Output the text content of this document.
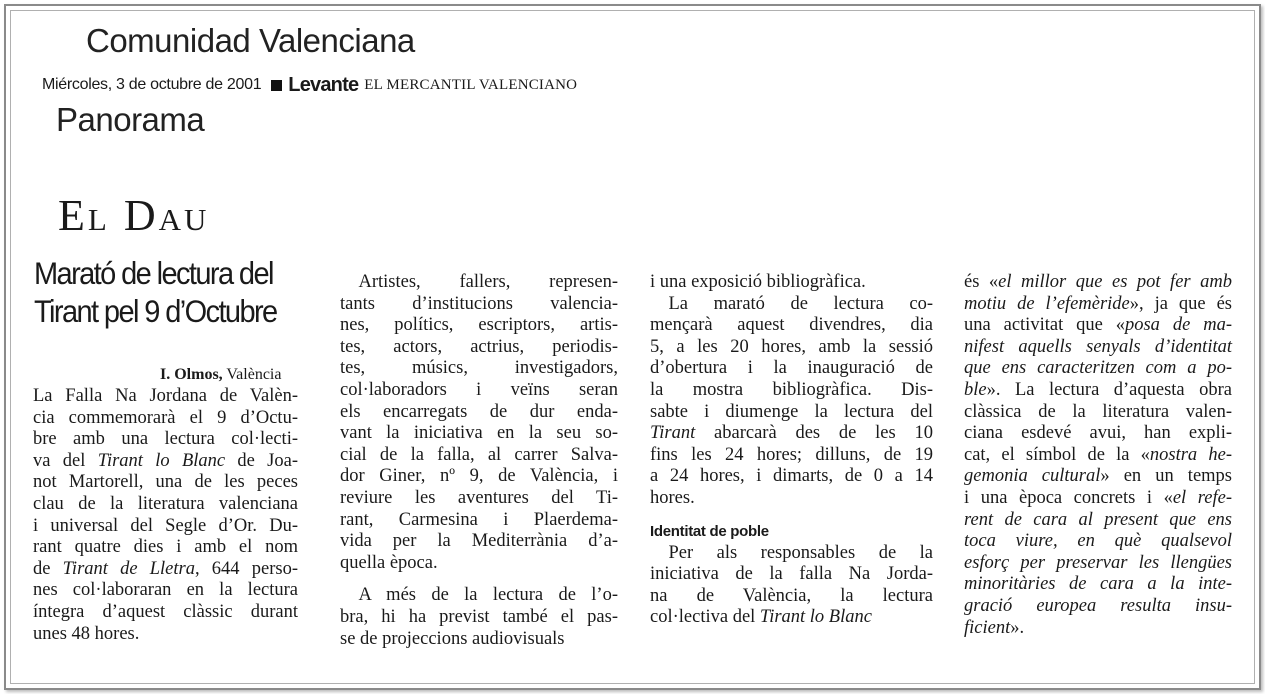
Comunidad Valenciana
Miércoles, 3 de octubre de 2001 Levante EL MERCANTIL VALENCIANO
Panorama
El Dau
Marató de lectura del
Tirant pel 9 d’Octubre
I. Olmos, València
La Falla Na Jordana de Valèn-
cia commemorarà el 9 d’Octu-
bre amb una lectura col·lecti-
va del Tirant lo Blanc de Joa-
not Martorell, una de les peces
clau de la literatura valenciana
i universal del Segle d’Or. Du-
rant quatre dies i amb el nom
de Tirant de Lletra, 644 perso-
nes col·laboraran en la lectura
íntegra d’aquest clàssic durant
unes 48 hores.
 Artistes, fallers, represen-
tants d’institucions valencia-
nes, polítics, escriptors, artis-
tes, actors, actrius, periodis-
tes, músics, investigadors,
col·laboradors i veïns seran
els encarregats de dur enda-
vant la iniciativa en la seu so-
cial de la falla, al carrer Salva-
dor Giner, nº 9, de València, i
reviure les aventures del Ti-
rant, Carmesina i Plaerdema-
vida per la Mediterrània d’a-
quella època.
 A més de la lectura de l’o-
bra, hi ha previst també el pas-
se de projeccions audiovisuals
i una exposició bibliogràfica.
 La marató de lectura co-
mençarà aquest divendres, dia
5, a les 20 hores, amb la sessió
d’obertura i la inauguració de
la mostra bibliogràfica. Dis-
sabte i diumenge la lectura del
Tirant abarcarà des de les 10
fins les 24 hores; dilluns, de 19
a 24 hores, i dimarts, de 0 a 14
hores.
Identitat de poble
 Per als responsables de la
iniciativa de la falla Na Jorda-
na de València, la lectura
col·lectiva del Tirant lo Blanc
és «el millor que es pot fer amb
motiu de l’efemèride», ja que és
una activitat que «posa de ma-
nifest aquells senyals d’identitat
que ens caracteritzen com a po-
ble». La lectura d’aquesta obra
clàssica de la literatura valen-
ciana esdevé avui, han expli-
cat, el símbol de la «nostra he-
gemonia cultural» en un temps
i una època concrets i «el refe-
rent de cara al present que ens
toca viure, en què qualsevol
esforç per preservar les llengües
minoritàries de cara a la inte-
gració europea resulta insu-
ficient».
